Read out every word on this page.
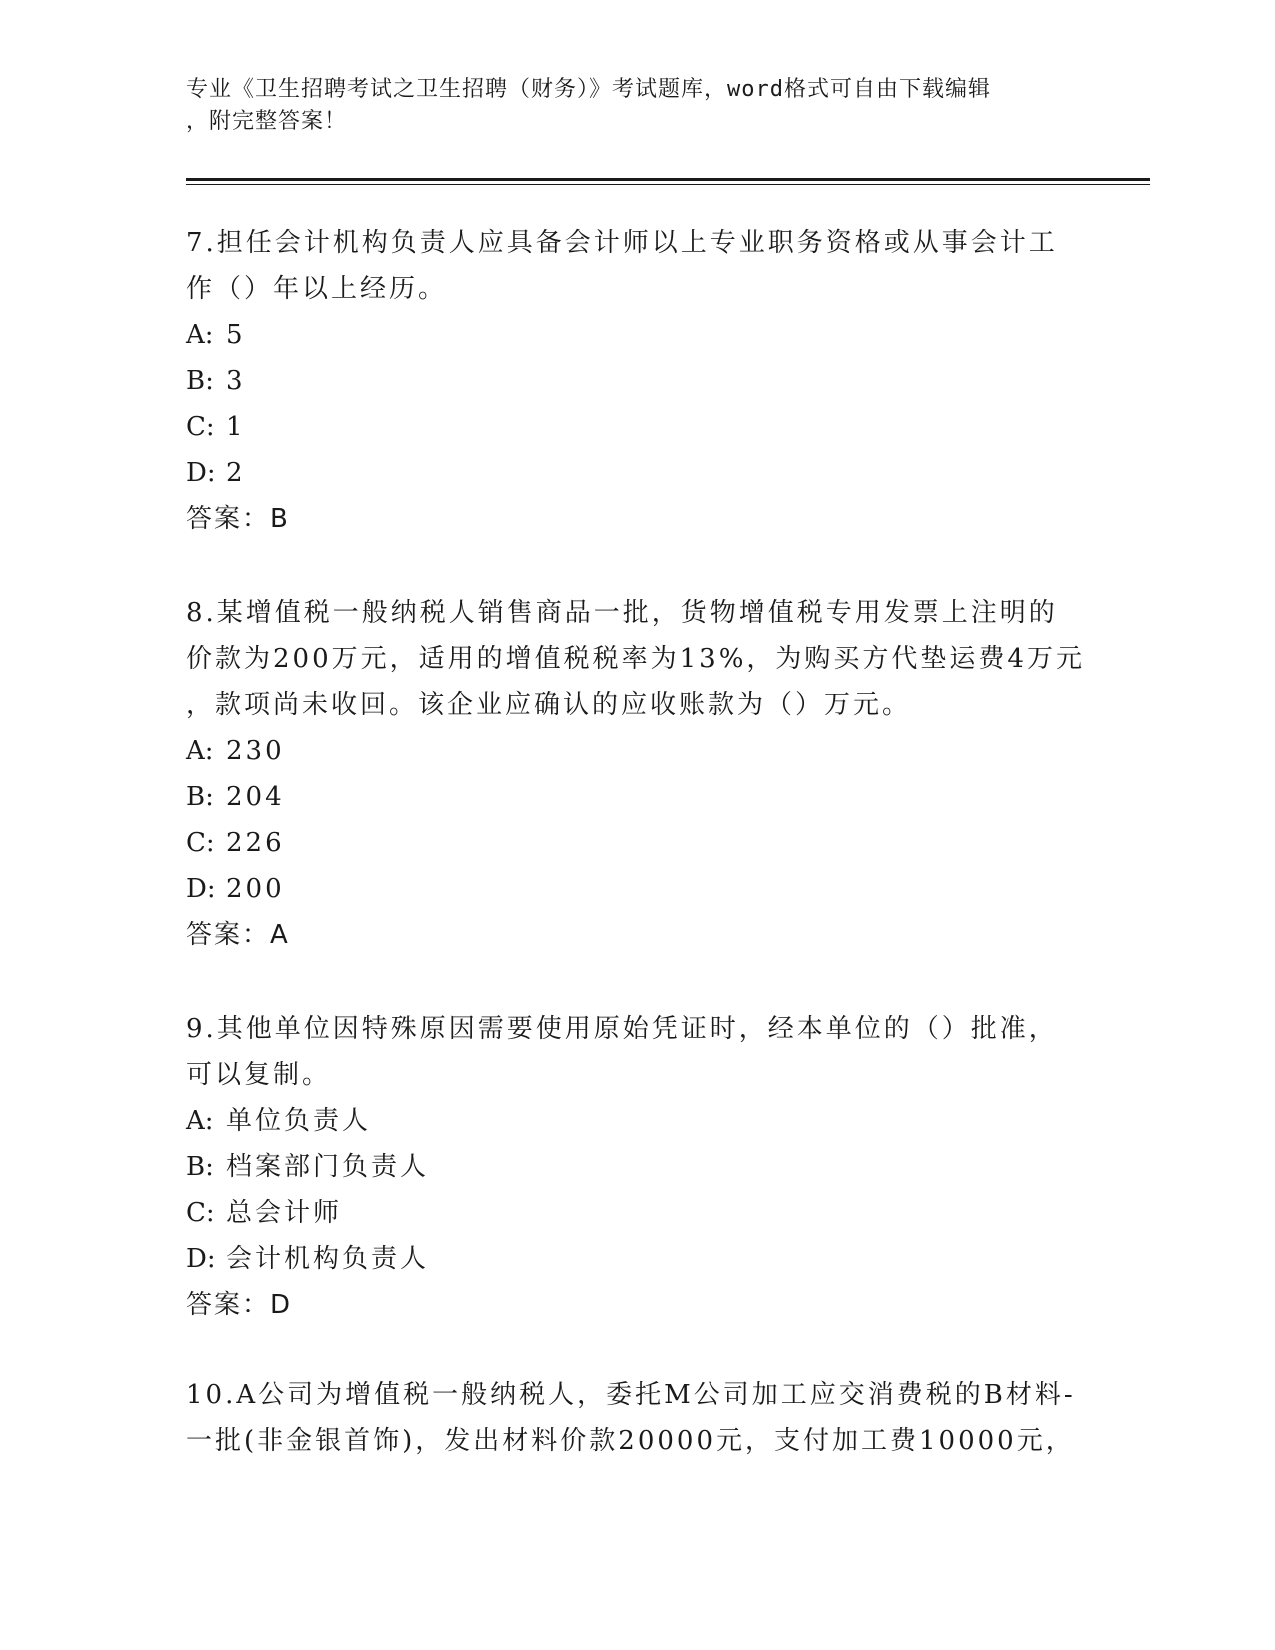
专业《卫生招聘考试之卫生招聘（财务）》考试题库，word格式可自由下载编辑
，附完整答案！

7.担任会计机构负责人应具备会计师以上专业职务资格或从事会计工

作（）年以上经历。

A: 5

B: 3

C: 1

D: 2

答案：B

8.某增值税一般纳税人销售商品一批，货物增值税专用发票上注明的

价款为200万元，适用的增值税税率为13%，为购买方代垫运费4万元

，款项尚未收回。该企业应确认的应收账款为（）万元。

A: 230

B: 204

C: 226

D: 200

答案：A

9.其他单位因特殊原因需要使用原始凭证时，经本单位的（）批准，

可以复制。

A: 单位负责人

B: 档案部门负责人

C: 总会计师

D: 会计机构负责人

答案：D

10.A公司为增值税一般纳税人，委托M公司加工应交消费税的B材料-

一批(非金银首饰)，发出材料价款20000元，支付加工费10000元，
